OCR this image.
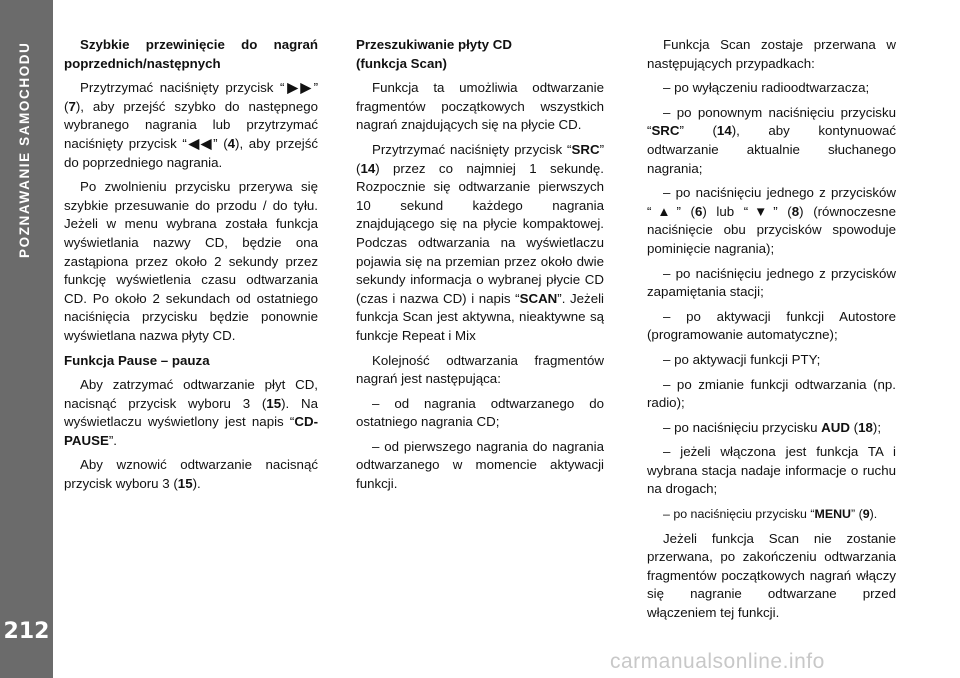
POZNAWANIE SAMOCHODU
212

Szybkie przewinięcie do nagrań poprzednich/następnych

Przytrzymać naciśnięty przycisk “▶▶” (7), aby przejść szybko do następnego wybranego nagrania lub przytrzymać naciśnięty przycisk “◀◀” (4), aby przejść do poprzedniego nagrania.

Po zwolnieniu przycisku przerywa się szybkie przesuwanie do przodu / do tyłu. Jeżeli w menu wybrana została funkcja wyświetlania nazwy CD, będzie ona zastąpiona przez około 2 sekundy przez funkcję wyświetlenia czasu odtwarzania CD. Po około 2 sekundach od ostatniego naciśnięcia przycisku będzie ponownie wyświetlana nazwa płyty CD.

Funkcja Pause – pauza

Aby zatrzymać odtwarzanie płyt CD, nacisnąć przycisk wyboru 3 (15). Na wyświetlaczu wyświetlony jest napis “CD-PAUSE”.

Aby wznowić odtwarzanie nacisnąć przycisk wyboru 3 (15).

Przeszukiwanie płyty CD

(funkcja Scan)

Funkcja ta umożliwia odtwarzanie fragmentów początkowych wszystkich nagrań znajdujących się na płycie CD.

Przytrzymać naciśnięty przycisk “SRC” (14) przez co najmniej 1 sekundę. Rozpocznie się odtwarzanie pierwszych 10 sekund każdego nagrania znajdującego się na płycie kompaktowej. Podczas odtwarzania na wyświetlaczu pojawia się na przemian przez około dwie sekundy informacja o wybranej płycie CD (czas i nazwa CD) i napis “SCAN”. Jeżeli funkcja Scan jest aktywna, nieaktywne są funkcje Repeat i Mix

Kolejność odtwarzania fragmentów nagrań jest następująca:

– od nagrania odtwarzanego do ostatniego nagrania CD;

– od pierwszego nagrania do nagrania odtwarzanego w momencie aktywacji funkcji.

Funkcja Scan zostaje przerwana w następujących przypadkach:

– po wyłączeniu radioodtwarzacza;

– po ponownym naciśnięciu przycisku “SRC” (14), aby kontynuować odtwarzanie aktualnie słuchanego nagrania;

– po naciśnięciu jednego z przycisków “▲” (6) lub “▼” (8) (równoczesne naciśnięcie obu przycisków spowoduje pominięcie nagrania);

– po naciśnięciu jednego z przycisków zapamiętania stacji;

– po aktywacji funkcji Autostore (programowanie automatyczne);

– po aktywacji funkcji PTY;

– po zmianie funkcji odtwarzania (np. radio);

– po naciśnięciu przycisku AUD (18);

– jeżeli włączona jest funkcja TA i wybrana stacja nadaje informacje o ruchu na drogach;

– po naciśnięciu przycisku “MENU” (9).

Jeżeli funkcja Scan nie zostanie przerwana, po zakończeniu odtwarzania fragmentów początkowych nagrań włączy się nagranie odtwarzane przed włączeniem tej funkcji.

carmanualsonline.info
